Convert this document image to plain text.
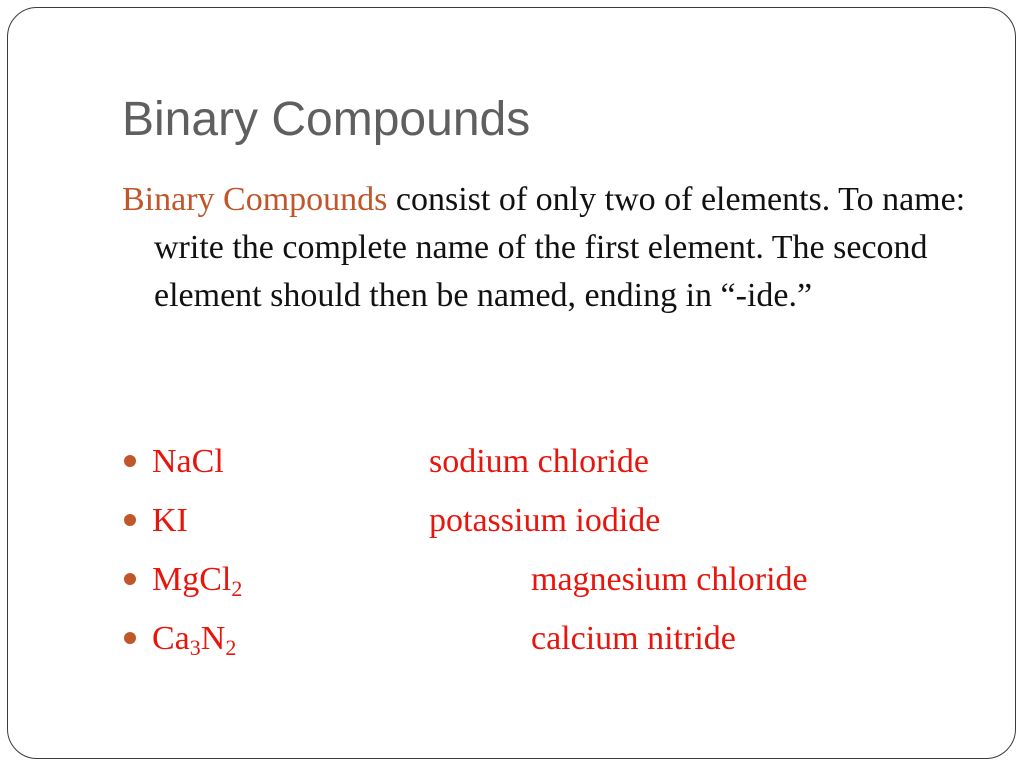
Binary Compounds
Binary Compounds consist of only two of elements. To name: write the complete name of the first element. The second element should then be named, ending in “-ide.”
NaCl	sodium chloride
KI	potassium iodide
MgCl$_2$	magnesium chloride
$Ca_3N_2$	calcium nitride
